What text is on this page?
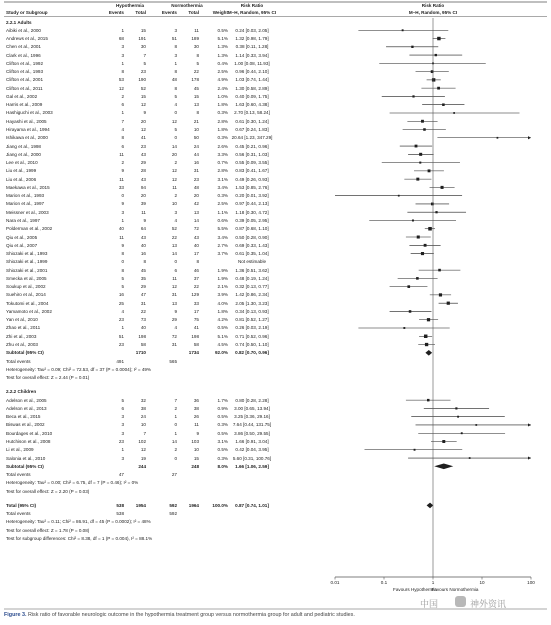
Figure 3. Risk ratio of favorable neurologic outcome in the hypothermia treatment group versus normothermia group for adult and pediatric studies.
中国	神外资讯
Hypothermia	Normothermia	Risk Ratio	Risk Ratio
Study or Subgroup	Events Total	Events Total	Weight M–H, Random, 95% CI	M–H, Random, 95% CI
2.2.1 Adults
Aibiki et al., 2000	1	15	3	11	0.5%	0.24 [0.03, 2.05]
Andrews et al., 2015	68	191	51	189	5.1%	1.32 [0.98, 1.79]
Chen et al., 2001	3	30	8	30	1.3%	0.38 [0.11, 1.28]
Clark et al., 1996	3	7	3	8	1.3%	1.14 [0.33, 3.94]
Clifton et al., 1992	1	5	1	5	0.4%	1.00 [0.08, 11.93]
Clifton et al., 1993	8	23	8	22	2.5%	0.96 [0.44, 2.10]
Clifton et al., 2001	53	190	48	178	4.9%	1.03 [0.74, 1.44]
Clifton et al., 2011	12	52	8	45	2.4%	1.30 [0.58, 2.89]
Gal et al., 2002	2	15	5	15	1.0%	0.40 [0.09, 1.75]
Harris et al., 2009	6	12	4	13	1.8%	1.63 [0.60, 4.38]
Hashiguchi et al., 2003	1	9	0	8	0.3%	2.70 [0.13, 58.24]
Hayashi et al., 2005	7	20	12	21	2.8%	0.61 [0.30, 1.24]
Hirayama et al., 1994	4	12	5	10	1.8%	0.67 [0.24, 1.83]
Ishikawa et al., 2000	8	41	0	50	0.3% 20.64 [1.23, 347.29]
Jiang et al., 1998	6	23	14	24	2.6%	0.45 [0.21, 0.96]
Jiang et al., 2000	11	43	20	44	3.3%	0.56 [0.31, 1.03]
Lee et al., 2010	2	29	2	16	0.7%	0.55 [0.09, 3.55]
Liu et al., 1999	9	28	12	31	2.8%	0.83 [0.41, 1.67]
Liu et al., 2006	11	43	12	23	3.1%	0.49 [0.26, 0.93]
Maekawa et al., 2015	33	94	11	48	3.4%	1.53 [0.85, 2.76]
Marion et al., 1993	0	20	2	20	0.3%	0.20 [0.01, 3.92]
Marion et al., 1997	9	39	10	42	2.5%	0.97 [0.44, 2.13]
Meissner et al., 2003	3	11	3	13	1.1%	1.18 [0.30, 4.72]
Nara et al., 1997	1	9	4	14	0.6%	0.39 [0.05, 2.95]
Polderman et al., 2002	40	64	52	72	5.5%	0.87 [0.68, 1.10]
Qiu et al., 2005	11	43	22	43	3.4%	0.50 [0.28, 0.90]
Qiu et al., 2007	9	40	13	40	2.7%	0.69 [0.33, 1.43]
Shiozaki et al., 1993	8	16	14	17	3.7%	0.61 [0.35, 1.04]
Shiozaki et al., 1999	0	8	0	8	Not estimable
Shiozaki et al., 2001	8	45	6	46	1.9%	1.36 [0.51, 3.62]
Smecka et al., 2005	5	35	11	37	1.9%	0.48 [0.19, 1.24]
Soukup et al., 2002	5	29	12	22	2.1%	0.32 [0.13, 0.77]
Suehiro et al., 2014	16	47	31	129	3.9%	1.42 [0.86, 2.34]
Tokutomi et al., 2004	25	31	13	33	4.0%	2.05 [1.30, 3.23]
Yamamoto et al., 2002	4	22	9	17	1.8%	0.34 [0.13, 0.93]
Yan et al., 2010	23	73	29	75	4.2%	0.81 [0.52, 1.27]
Zhao et al., 2011	1	40	4	41	0.5%	0.26 [0.03, 2.19]
Zhi et al., 2003	51	198	72	198	5.1%	0.71 [0.52, 0.96]
Zhu et al., 2003	23	58	31	58	4.5%	0.74 [0.50, 1.10]
Subtotal (95% CI)	1710	1734	92.0%	0.82 [0.70, 0.96]
Total events	491	565
Heterogeneity: Tau² = 0.09; Chi² = 72.53, df = 37 (P = 0.0004); I² = 49%
Test for overall effect: Z = 2.44 (P = 0.01)
2.2.2 Children
Adelson et al., 2005	5	32	7	36	1.7%	0.80 [0.28, 2.28]
Adelson et al., 2013	6	38	2	38	0.9%	3.00 [0.65, 13.94]
Beca et al., 2015	3	24	1	26	0.5%	3.25 [0.36, 29.16]
Biswas et al., 2002	3	10	0	11	0.3%	7.64 [0.44, 131.75]
Bourdages et al., 2010	3	7	1	9	0.5%	3.86 [0.50, 29.55]
Hutchison et al., 2008	23	102	14	103	3.1%	1.66 [0.91, 3.04]
Li et al., 2009	1	12	2	10	0.5%	0.42 [0.04, 3.95]
Salonia et al., 2010	3	19	0	15	0.3%	5.60 [0.31, 100.76]
Subtotal (95% CI)	244	248	8.0%	1.66 [1.06, 2.59]
Total events	47	27
Heterogeneity: Tau² = 0.00; Chi² = 6.75, df = 7 (P = 0.46); I² = 0%
Test for overall effect: Z = 2.20 (P = 0.03)
Total (95% CI)	538	1954	592	1964	100.0%	0.87 [0.74, 1.01]
Total events	538	592
Heterogeneity: Tau² = 0.11; Chi² = 86.91, df = 45 (P = 0.0002); I² = 48%
Test for overall effect: Z = 1.78 (P = 0.08)
Test for subgroup differences: Chi² = 8.38, df = 1 (P = 0.004), I² = 88.1%
0.01	0.1	1	10	100
Favours Hypothermia
Favours Normothermia
